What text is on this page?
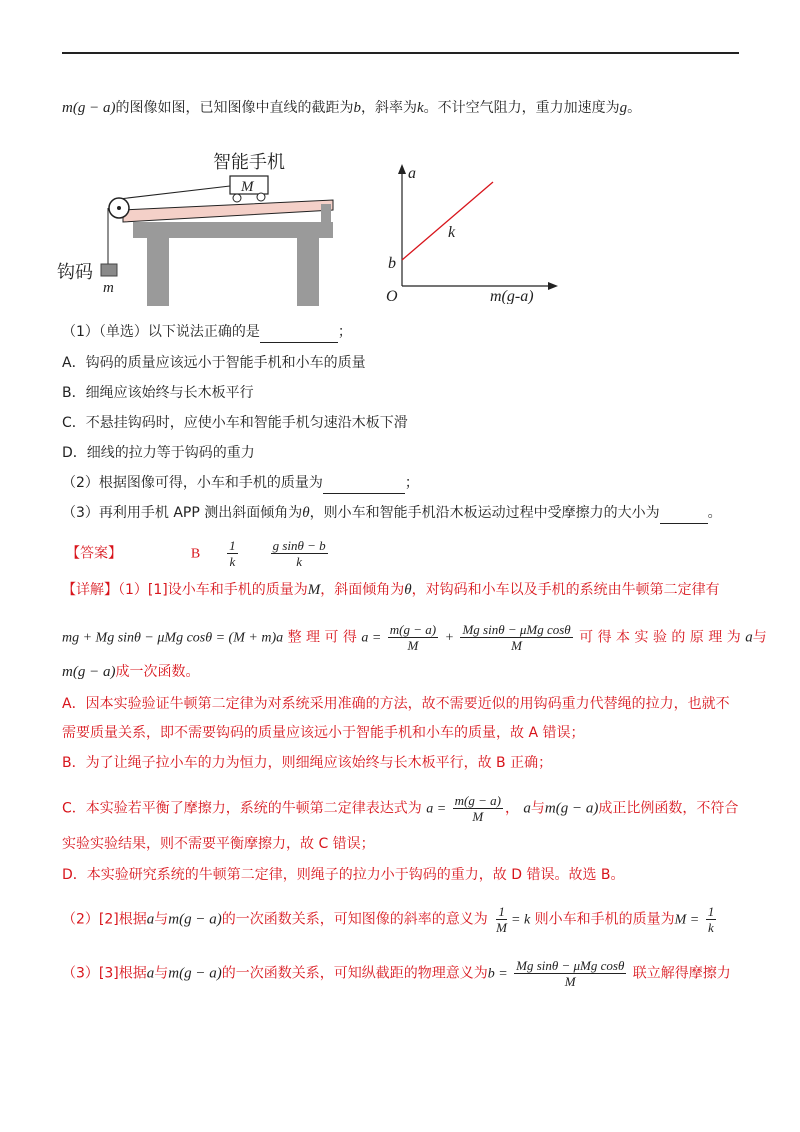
m(g − a)的图像如图，已知图像中直线的截距为b，斜率为k。不计空气阻力，重力加速度为g。
智能手机
M
钩码
m
a
b
k
O	m(g-a)
（1）（单选）以下说法正确的是	；
A．钩码的质量应该远小于智能手机和小车的质量
B．细绳应该始终与长木板平行
C．不悬挂钩码时，应使小车和智能手机匀速沿木板下滑
D．细线的拉力等于钩码的重力
（2）根据图像可得，小车和手机的质量为	；
（3）再利用手机 APP 测出斜面倾角为θ，则小车和智能手机沿木板运动过程中受摩擦力的大小为	。
【答案】	B $\frac{1}{k}$
	$\frac{\text{g sinθ − b}}{k}$
【详解】（1）[1]设小车和手机的质量为M，斜面倾角为θ，对钩码和小车以及手机的系统由牛顿第二定律有
mg + Mg sinθ − μMg cosθ = (M + m)a 整 理 可 得 $a = \frac{m(g - a)}{M} + \frac{\text{Mg sinθ − μMg cosθ}}{M}$ 可 得 本 实 验 的 原 理 为 a与
m(g − a)成一次函数。
A．因本实验验证牛顿第二定律为对系统采用准确的方法，故不需要近似的用钩码重力代替绳的拉力，也就不
需要质量关系，即不需要钩码的质量应该远小于智能手机和小车的质量，故 A 错误；
B．为了让绳子拉小车的力为恒力，则细绳应该始终与长木板平行，故 B 正确；
C．本实验若平衡了摩擦力，系统的牛顿第二定律表达式为 $a = \frac{m(g - a)}{M}$ ， a与m(g − a)成正比例函数，不符合
实验实验结果，则不需要平衡摩擦力，故 C 错误；
D．本实验研究系统的牛顿第二定律，则绳子的拉力小于钩码的重力，故 D 错误。故选 B。
（2）[2]根据a与m(g − a)的一次函数关系，可知图像的斜率的意义为 $\frac{1}{M} = k$ 则小车和手机的质量为$M = \frac{1}{k}$
（3）[3]根据a与m(g − a)的一次函数关系，可知纵截距的物理意义为$b = \frac{\text{Mg sinθ − μMg cosθ}}{M}$ 联立解得摩擦力
